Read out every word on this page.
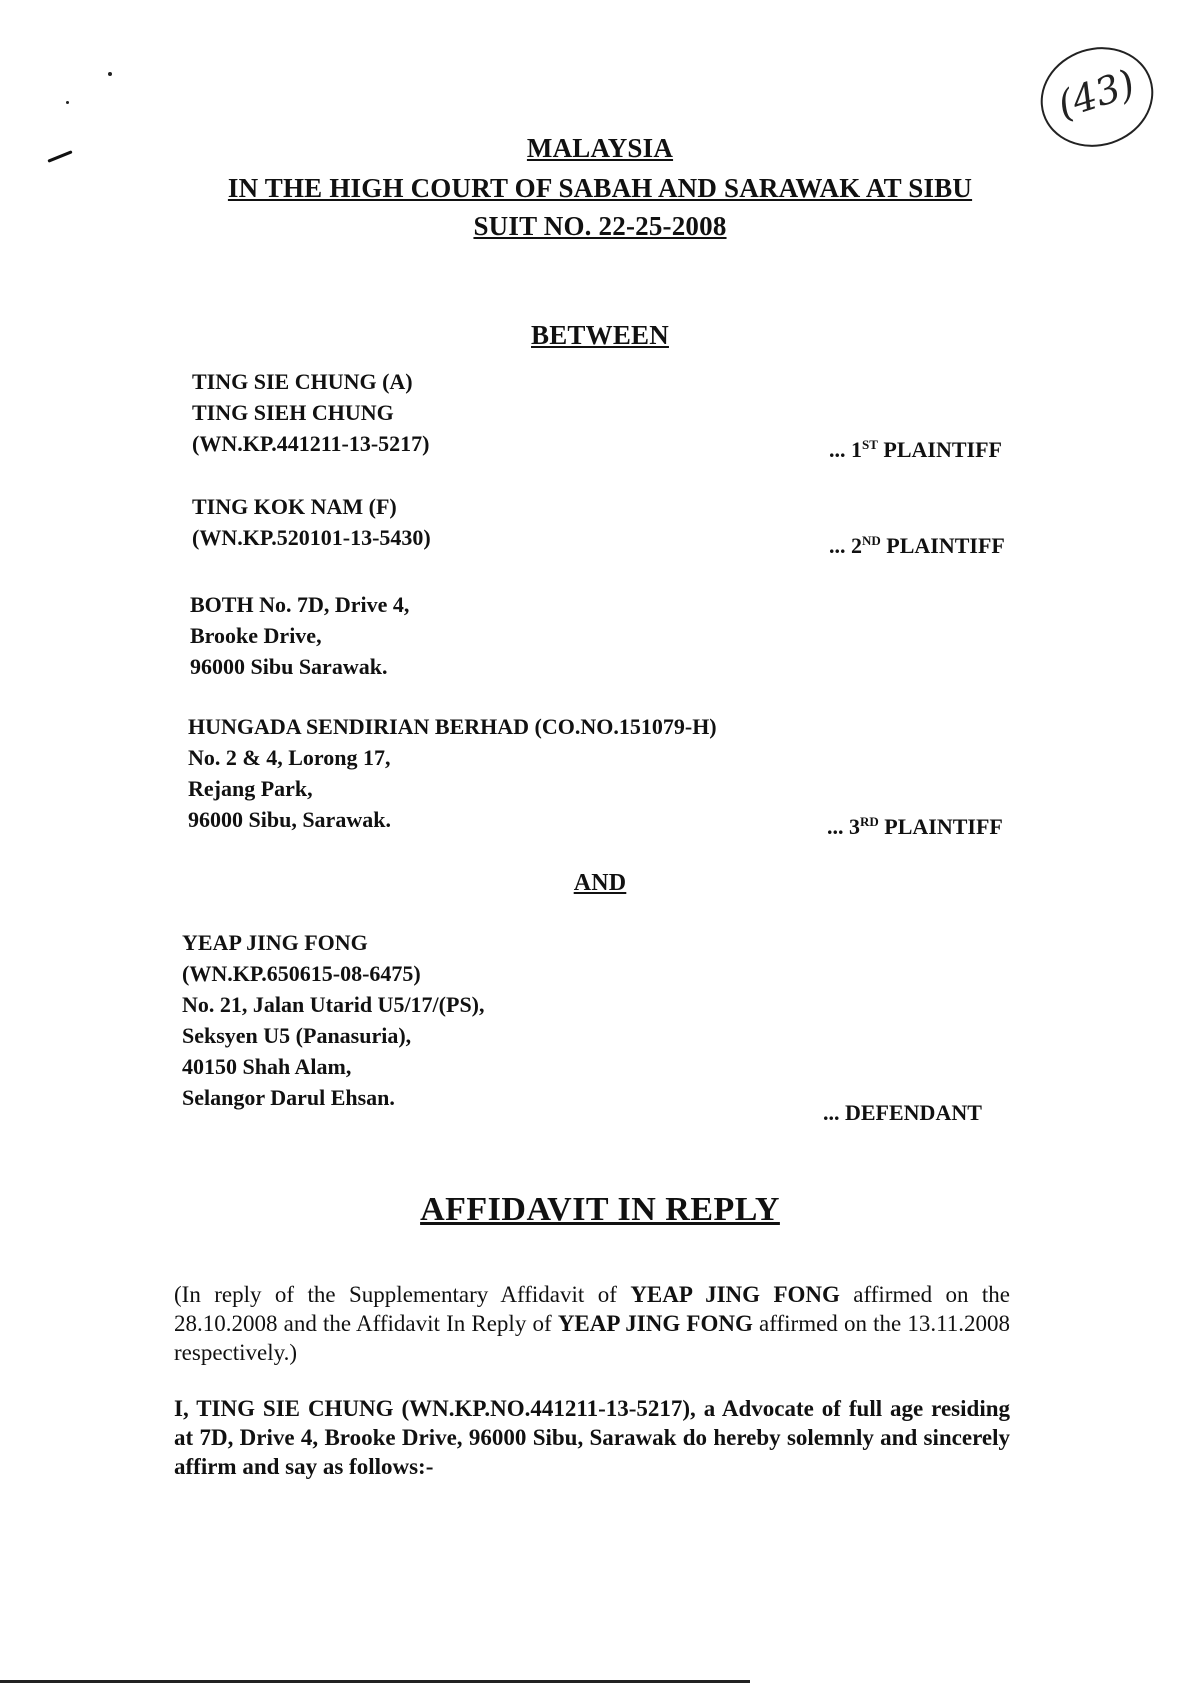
(43)
MALAYSIA
IN THE HIGH COURT OF SABAH AND SARAWAK AT SIBU
SUIT NO. 22-25-2008
BETWEEN
TING SIE CHUNG (A)
TING SIEH CHUNG
(WN.KP.441211-13-5217)	... 1ST PLAINTIFF
TING KOK NAM (F)
(WN.KP.520101-13-5430)	... 2ND PLAINTIFF
BOTH No. 7D, Drive 4,
Brooke Drive,
96000 Sibu Sarawak.
HUNGADA SENDIRIAN BERHAD (CO.NO.151079-H)
No. 2 & 4, Lorong 17,
Rejang Park,
96000 Sibu, Sarawak.	... 3RD PLAINTIFF
AND
YEAP JING FONG
(WN.KP.650615-08-6475)
No. 21, Jalan Utarid U5/17/(PS),
Seksyen U5 (Panasuria),
40150 Shah Alam,
Selangor Darul Ehsan.
... DEFENDANT
AFFIDAVIT IN REPLY
(In reply of the Supplementary Affidavit of YEAP JING FONG affirmed on the 28.10.2008 and the Affidavit In Reply of YEAP JING FONG affirmed on the 13.11.2008 respectively.)
I, TING SIE CHUNG (WN.KP.NO.441211-13-5217), a Advocate of full age residing at 7D, Drive 4, Brooke Drive, 96000 Sibu, Sarawak do hereby solemnly and sincerely affirm and say as follows:-
